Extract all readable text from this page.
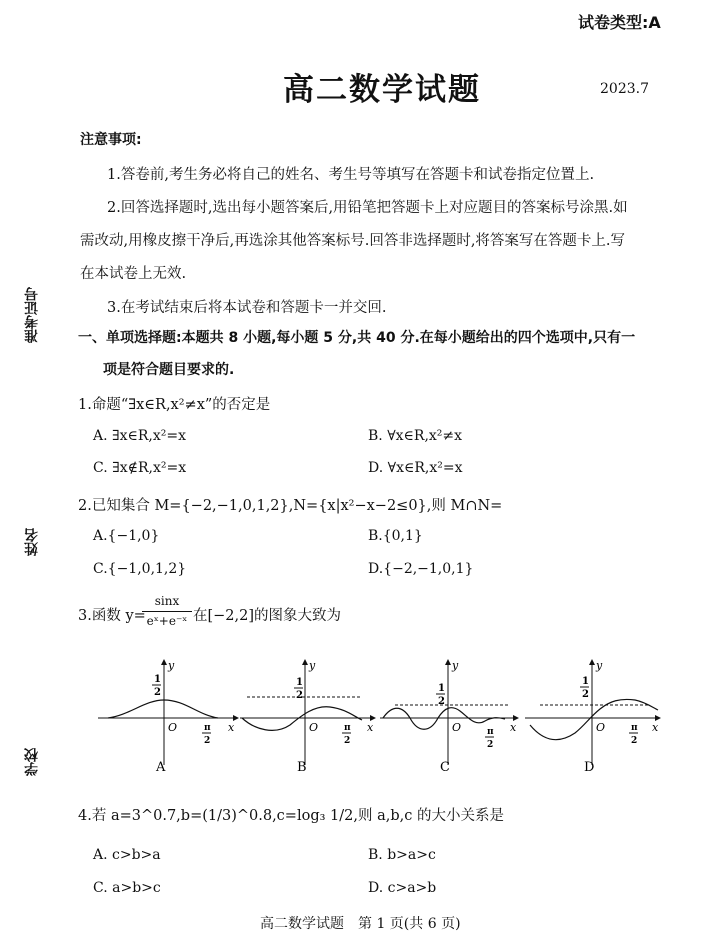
试卷类型:A
高二数学试题	2023.7
准考证号
姓名
学校
注意事项:
1.答卷前,考生务必将自己的姓名、考生号等填写在答题卡和试卷指定位置上.
2.回答选择题时,选出每小题答案后,用铅笔把答题卡上对应题目的答案标号涂黑.如
需改动,用橡皮擦干净后,再选涂其他答案标号.回答非选择题时,将答案写在答题卡上.写
在本试卷上无效.
3.在考试结束后将本试卷和答题卡一并交回.
一、单项选择题:本题共 8 小题,每小题 5 分,共 40 分.在每小题给出的四个选项中,只有一
项是符合题目要求的.
1.命题“∃x∈R,x²≠x”的否定是
A. ∃x∈R,x²=x	B. ∀x∈R,x²≠x
C. ∃x∉R,x²=x	D. ∀x∈R,x²=x
2.已知集合 M={−2,−1,0,1,2},N={x|x²−x−2≤0},则 M∩N=
A.{−1,0}	B.{0,1}
C.{−1,0,1,2}	D.{−2,−1,0,1}
3.函数 y=
sinx
eˣ+e⁻ˣ 在[−2,2]的图象大致为
y
1
2
O	π
2
x
A
y
1
2
O	π
2
x
B
y
1
2
O	π
2
x
C
y
1
2
O	π
2
x
D
4.若 a=3^0.7,b=(1/3)^0.8,c=log₃ 1/2,则 a,b,c 的大小关系是
A. c>b>a	B. b>a>c
C. a>b>c	D. c>a>b
高二数学试题　第 1 页(共 6 页)
